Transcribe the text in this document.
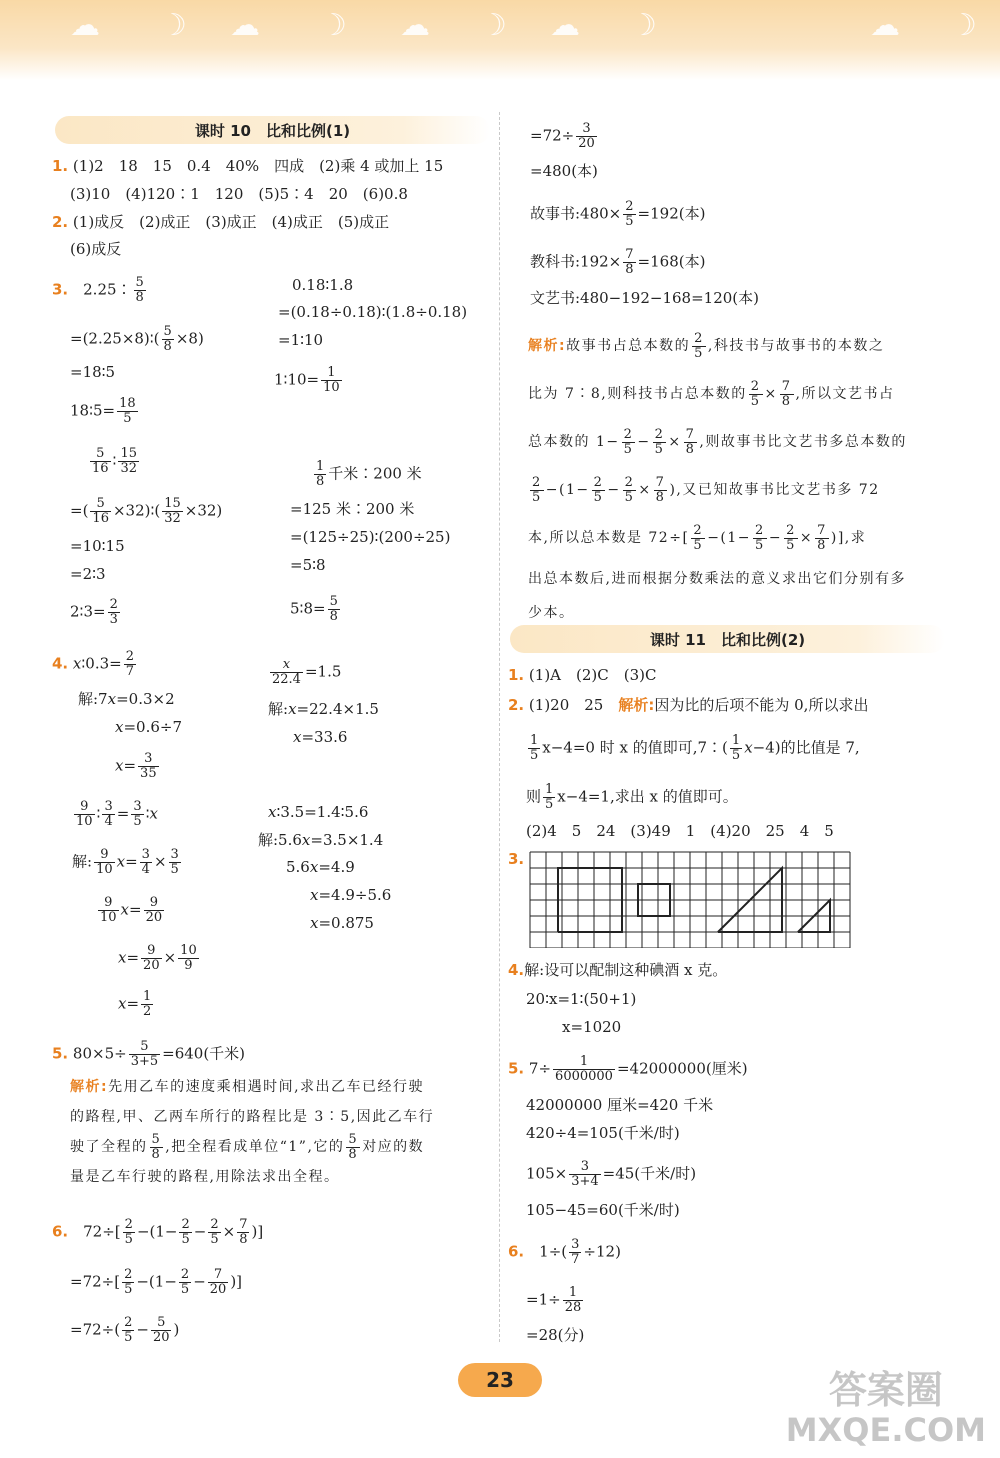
☁ ☽ ☁ ☽ ☁ ☽ ☁ ☽	☁ ☽
课时 10　比和比例(1)
1. (1)2　18　15　0.4　40%　四成　(2)乘 4 或加上 15
(3)10　(4)120∶1　120　(5)5∶4　20　(6)0.8
2. (1)成反　(2)成正　(3)成正　(4)成正　(5)成正
(6)成反
3.　2.25∶ $\frac{5}{8}$
=(2.25×8)∶( $\frac{5}{8} \times 8$)
=18∶5
18∶5= $\frac{18}{5}$
$\frac{5}{16}$ ∶ $\frac{15}{32}$
=( $\frac{5}{16}$ ×32)∶( $\frac{15}{32} \times 32$)
=10∶15
=2∶3
2∶3= $\frac{2}{3}$
0.18∶1.8
=(0.18÷0.18)∶(1.8÷0.18)
=1∶10
1∶10= $\frac{1}{10}$
$\frac{1}{8}$ 千米∶200 米
=125 米∶200 米
=(125÷25)∶(200÷25)
=5∶8
5∶8= $\frac{5}{8}$
4. x∶0.3= $\frac{2}{7}$
解:7x=0.3×2
x=0.6÷7
$x= \frac{3}{35}$
$\frac{9}{10}$ ∶ $\frac{3}{4} = \frac{3}{5}$ ∶x
解: $\frac{9}{10} x= \frac{3}{4} \times \frac{3}{5}$
$\frac{9}{10} x= \frac{9}{20}$
$x= \frac{9}{20} \times \frac{10}{9}$
$x= \frac{1}{2}$
$\frac{x}{22.4} =1.5$
解:x=22.4×1.5
x=33.6
x∶3.5=1.4∶5.6
解:5.6x=3.5×1.4
5.6x=4.9
x=4.9÷5.6
x=0.875
5. $80\times 5\div \frac{5}{3+5} =640$(千米)
解析:先用乙车的速度乘相遇时间,求出乙车已经行驶
的路程,甲、乙两车所行的路程比是 3∶5,因此乙车行
驶了全程的 $\frac{5}{8}$ ,把全程看成单位“1”,它的 $\frac{5}{8}$ 对应的数
量是乙车行驶的路程,用除法求出全程。
6.　$72\div[ \frac{2}{5} -(1- \frac{2}{5} - \frac{2}{5} \times \frac{7}{8}$ )]
$=72\div[ \frac{2}{5} -(1- \frac{2}{5} - \frac{7}{20}$ )]
$=72\div( \frac{2}{5} - \frac{5}{20}$ )
$=72\div \frac{3}{20}$
=480(本)
故事书:480× $\frac{2}{5} =192$(本)
教科书:192× $\frac{7}{8} =168$(本)
文艺书:480−192−168=120(本)
解析:故事书占总本数的 $\frac{2}{5}$ ,科技书与故事书的本数之
比为 7∶8,则科技书占总本数的 $\frac{2}{5} \times \frac{7}{8}$ ,所以文艺书占
总本数的 $1- \frac{2}{5} - \frac{2}{5} \times \frac{7}{8}$ ,则故事书比文艺书多总本数的
$\frac{2}{5} -(1- \frac{2}{5} - \frac{2}{5} \times \frac{7}{8}$ ),又已知故事书比文艺书多 72
本,所以总本数是 $72\div[ \frac{2}{5} -(1- \frac{2}{5} - \frac{2}{5} \times \frac{7}{8}$ )],求
出总本数后,进而根据分数乘法的意义求出它们分别有多
少本。
课时 11　比和比例(2)
1. (1)A　(2)C　(3)C
2. (1)20　25　 解析:因为比的后项不能为 0,所以求出
$\frac{1}{5} x-4=0$ 时 x 的值即可,7∶( $\frac{1}{5} x-4$)的比值是 7,
则 $\frac{1}{5} x-4=1$,求出 x 的值即可。
(2)4　5　24　(3)49　1　(4)20　25　4　5
3.
4.解:设可以配制这种碘酒 x 克。
20∶x=1∶(50+1)
x=1020
5. $7\div \frac{1}{6000000} =42000000$(厘米)
42000000 厘米=420 千米
420÷4=105(千米/时)
$105\times \frac{3}{3+4} =45$(千米/时)
105−45=60(千米/时)
6.　 $1\div( \frac{3}{7} \div 12)$
$=1\div \frac{1}{28}$
=28(分)
23	答案圈
MXQE.COM
